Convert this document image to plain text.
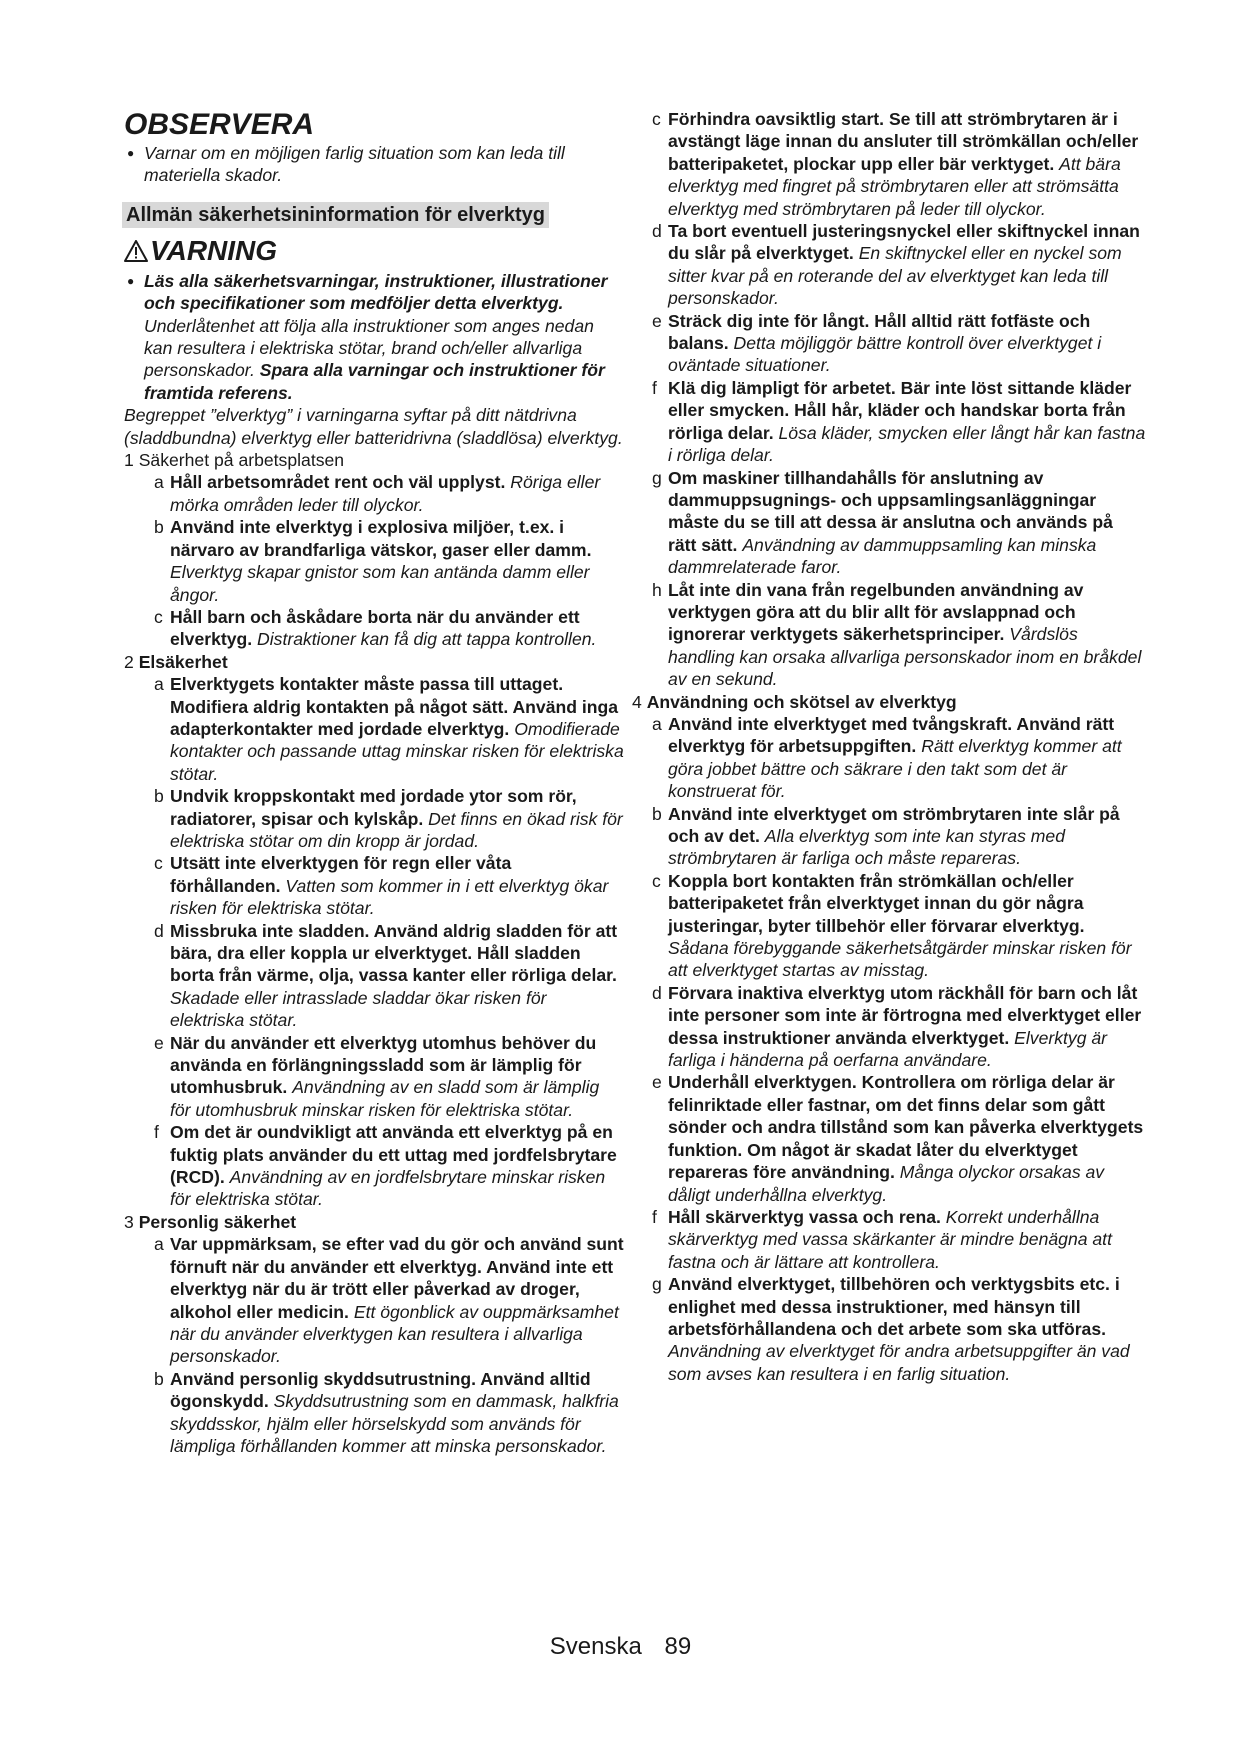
OBSERVERA

● Varnar om en möjligen farlig situation som kan leda till materiella skador.

Allmän säkerhetsininformation för elverktyg
VARNING
● Läs alla säkerhetsvarningar, instruktioner, illustrationer och specifikationer som medföljer detta elverktyg.
Underlåtenhet att följa alla instruktioner som anges nedan kan resultera i elektriska stötar, brand och/eller allvarliga personskador. Spara alla varningar och instruktioner för framtida referens.

Begreppet ”elverktyg” i varningarna syftar på ditt nätdrivna (sladdbundna) elverktyg eller batteridrivna (sladdlösa) elverktyg.

1 Säkerhet på arbetsplatsen

a Håll arbetsområdet rent och väl upplyst. Röriga eller mörka områden leder till olyckor.

b Använd inte elverktyg i explosiva miljöer, t.ex. i närvaro av brandfarliga vätskor, gaser eller damm. Elverktyg skapar gnistor som kan antända damm eller ångor.

c Håll barn och åskådare borta när du använder ett elverktyg. Distraktioner kan få dig att tappa kontrollen.

2 Elsäkerhet

a Elverktygets kontakter måste passa till uttaget. Modifiera aldrig kontakten på något sätt. Använd inga adapterkontakter med jordade elverktyg. Omodifierade kontakter och passande uttag minskar risken för elektriska stötar.

b Undvik kroppskontakt med jordade ytor som rör, radiatorer, spisar och kylskåp. Det finns en ökad risk för elektriska stötar om din kropp är jordad.

c Utsätt inte elverktygen för regn eller våta förhållanden. Vatten som kommer in i ett elverktyg ökar risken för elektriska stötar.

d Missbruka inte sladden. Använd aldrig sladden för att bära, dra eller koppla ur elverktyget. Håll sladden borta från värme, olja, vassa kanter eller rörliga delar. Skadade eller intrasslade sladdar ökar risken för elektriska stötar.

e När du använder ett elverktyg utomhus behöver du använda en förlängningssladd som är lämplig för utomhusbruk. Användning av en sladd som är lämplig för utomhusbruk minskar risken för elektriska stötar.

f Om det är oundvikligt att använda ett elverktyg på en fuktig plats använder du ett uttag med jordfelsbrytare (RCD). Användning av en jordfelsbrytare minskar risken för elektriska stötar.

3 Personlig säkerhet

a Var uppmärksam, se efter vad du gör och använd sunt förnuft när du använder ett elverktyg. Använd inte ett elverktyg när du är trött eller påverkad av droger, alkohol eller medicin. Ett ögonblick av ouppmärksamhet när du använder elverktygen kan resultera i allvarliga personskador.

b Använd personlig skyddsutrustning. Använd alltid ögonskydd. Skyddsutrustning som en dammask, halkfria skyddsskor, hjälm eller hörselskydd som används för lämpliga förhållanden kommer att minska personskador.

c Förhindra oavsiktlig start. Se till att strömbrytaren är i avstängt läge innan du ansluter till strömkällan och/eller batteripaketet, plockar upp eller bär verktyget. Att bära elverktyg med fingret på strömbrytaren eller att strömsätta elverktyg med strömbrytaren på leder till olyckor.

d Ta bort eventuell justeringsnyckel eller skiftnyckel innan du slår på elverktyget. En skiftnyckel eller en nyckel som sitter kvar på en roterande del av elverktyget kan leda till personskador.

e Sträck dig inte för långt. Håll alltid rätt fotfäste och balans. Detta möjliggör bättre kontroll över elverktyget i oväntade situationer.

f Klä dig lämpligt för arbetet. Bär inte löst sittande kläder eller smycken. Håll hår, kläder och handskar borta från rörliga delar. Lösa kläder, smycken eller långt hår kan fastna i rörliga delar.

g Om maskiner tillhandahålls för anslutning av dammuppsugnings- och uppsamlingsanläggningar måste du se till att dessa är anslutna och används på rätt sätt. Användning av dammuppsamling kan minska dammrelaterade faror.

h Låt inte din vana från regelbunden användning av verktygen göra att du blir allt för avslappnad och ignorerar verktygets säkerhetsprinciper. Vårdslös handling kan orsaka allvarliga personskador inom en bråkdel av en sekund.

4 Användning och skötsel av elverktyg

a Använd inte elverktyget med tvångskraft. Använd rätt elverktyg för arbetsuppgiften. Rätt elverktyg kommer att göra jobbet bättre och säkrare i den takt som det är konstruerat för.

b Använd inte elverktyget om strömbrytaren inte slår på och av det. Alla elverktyg som inte kan styras med strömbrytaren är farliga och måste repareras.

c Koppla bort kontakten från strömkällan och/eller batteripaketet från elverktyget innan du gör några justeringar, byter tillbehör eller förvarar elverktyg. Sådana förebyggande säkerhetsåtgärder minskar risken för att elverktyget startas av misstag.

d Förvara inaktiva elverktyg utom räckhåll för barn och låt inte personer som inte är förtrogna med elverktyget eller dessa instruktioner använda elverktyget. Elverktyg är farliga i händerna på oerfarna användare.

e Underhåll elverktygen. Kontrollera om rörliga delar är felinriktade eller fastnar, om det finns delar som gått sönder och andra tillstånd som kan påverka elverktygets funktion. Om något är skadat låter du elverktyget repareras före användning. Många olyckor orsakas av dåligt underhållna elverktyg.

f Håll skärverktyg vassa och rena. Korrekt underhållna skärverktyg med vassa skärkanter är mindre benägna att fastna och är lättare att kontrollera.

g Använd elverktyget, tillbehören och verktygsbits etc. i enlighet med dessa instruktioner, med hänsyn till arbetsförhållandena och det arbete som ska utföras. Användning av elverktyget för andra arbetsuppgifter än vad som avses kan resultera i en farlig situation.

Svenska 89
